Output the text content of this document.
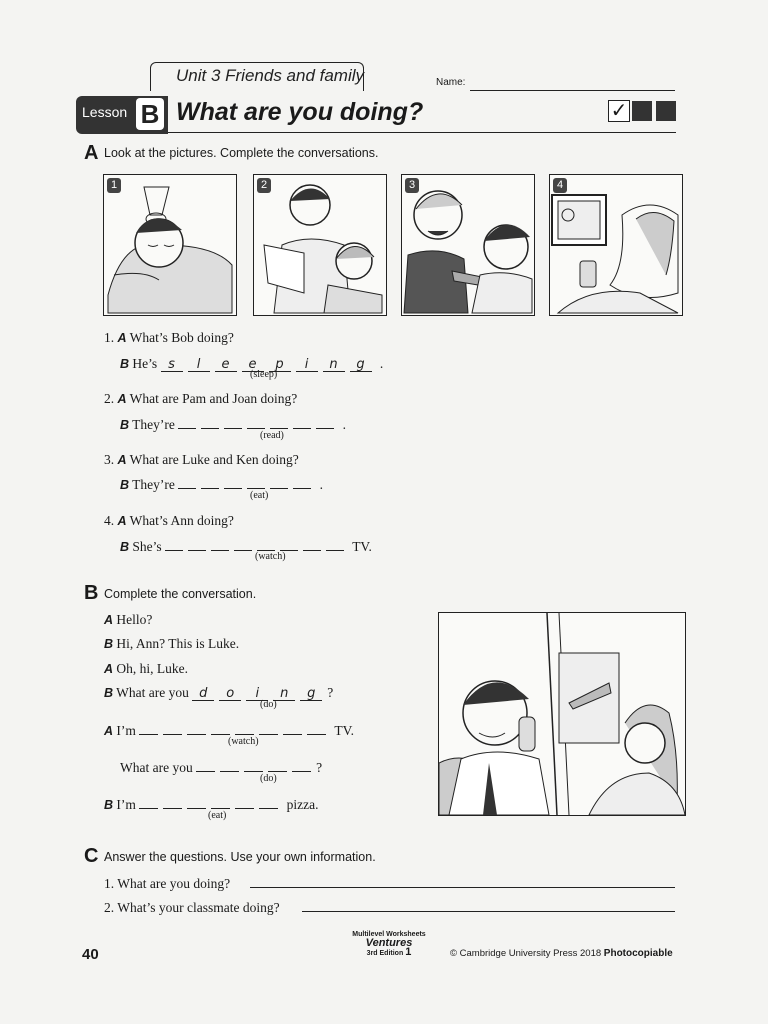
Unit 3 Friends and family
Lesson B What are you doing?
Name:
✓
A Look at the pictures. Complete the conversations.
1	2	3	4
1. A What’s Bob doing?
B He’s s l e e p i n g .
(sleep)
2. A What are Pam and Joan doing?
B They’re	.
(read)
3. A What are Luke and Ken doing?
B They’re	.
(eat)
4. A What’s Ann doing?
B She’s	TV.
(watch)
B Complete the conversation.
A Hello?
B Hi, Ann? This is Luke.
A Oh, hi, Luke.
B What are you d o i n g ?
(do)
A I’m	TV.
(watch)
What are you	?
(do)
B I’m	pizza.
(eat)
C Answer the questions. Use your own information.
1. What are you doing?
2. What’s your classmate doing?
40
Multilevel Worksheets
Ventures
3rd Edition 1	© Cambridge University Press 2018 Photocopiable
